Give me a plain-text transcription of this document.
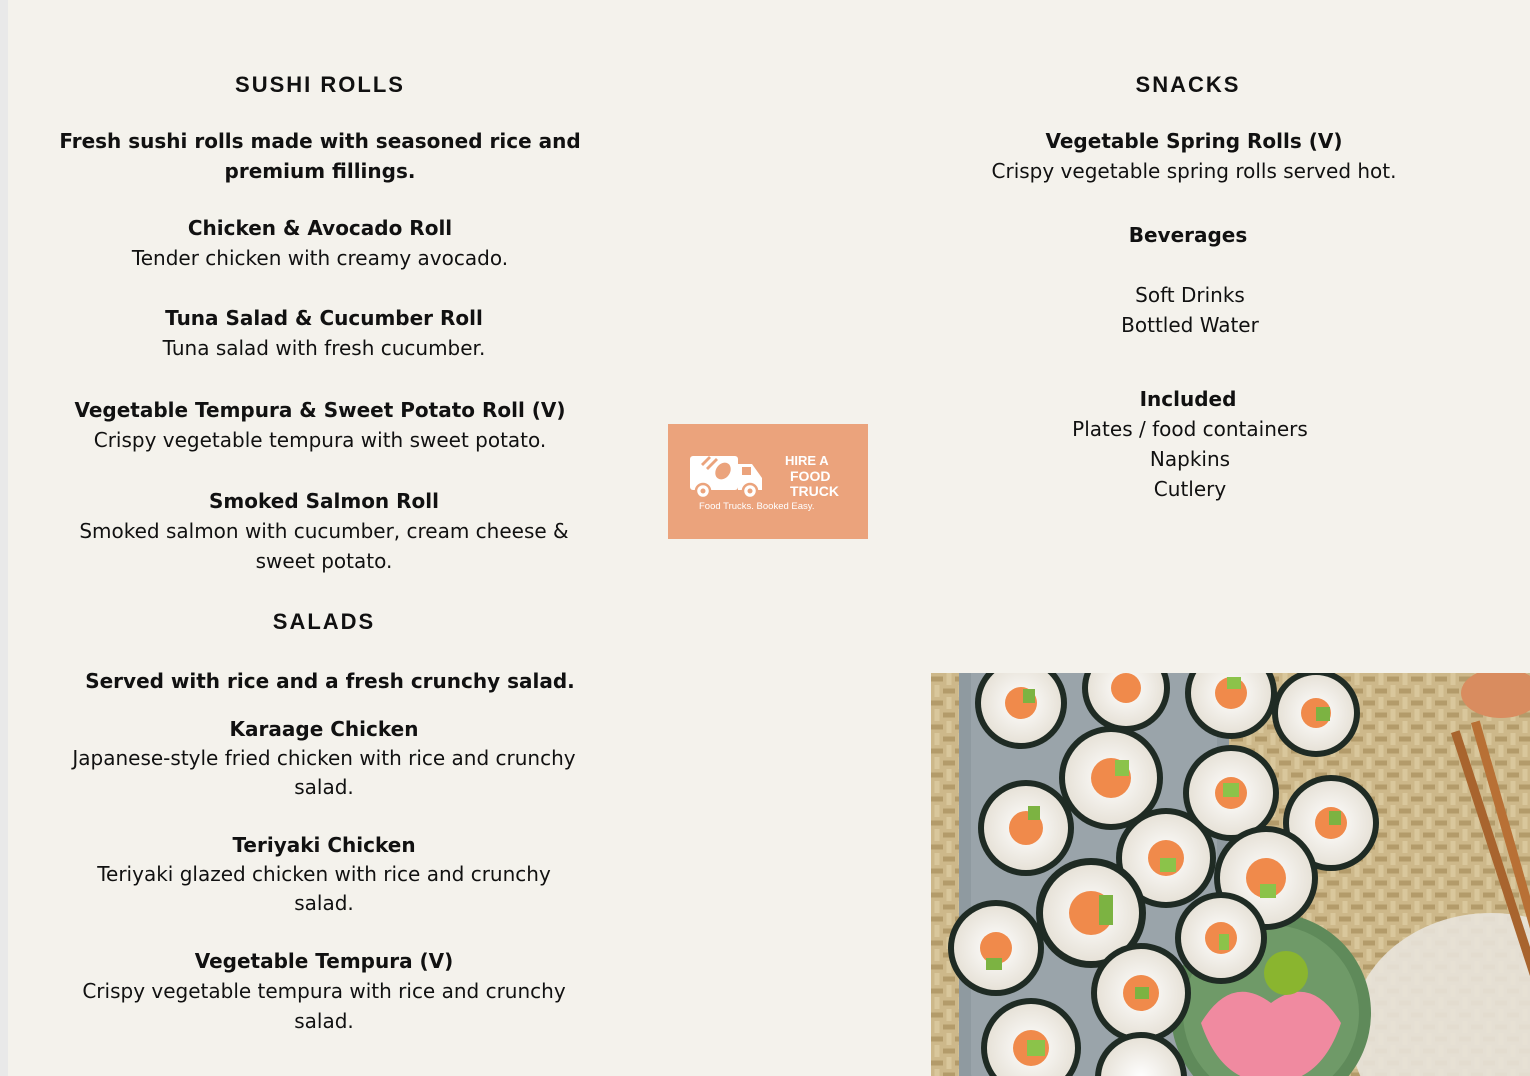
SUSHI ROLLS
Fresh sushi rolls made with seasoned rice and
premium fillings.
Chicken & Avocado Roll
Tender chicken with creamy avocado.
Tuna Salad & Cucumber Roll
Tuna salad with fresh cucumber.
Vegetable Tempura & Sweet Potato Roll (V)
Crispy vegetable tempura with sweet potato.
Smoked Salmon Roll
Smoked salmon with cucumber, cream cheese &
sweet potato.
SALADS
Served with rice and a fresh crunchy salad.
Karaage Chicken
Japanese-style fried chicken with rice and crunchy
salad.
Teriyaki Chicken
Teriyaki glazed chicken with rice and crunchy
salad.
Vegetable Tempura (V)
Crispy vegetable tempura with rice and crunchy
salad.
HIRE A
FOOD
TRUCK
Food Trucks. Booked Easy.
SNACKS
Vegetable Spring Rolls (V)
Crispy vegetable spring rolls served hot.
Beverages
Soft Drinks
Bottled Water
Included
Plates / food containers
Napkins
Cutlery
